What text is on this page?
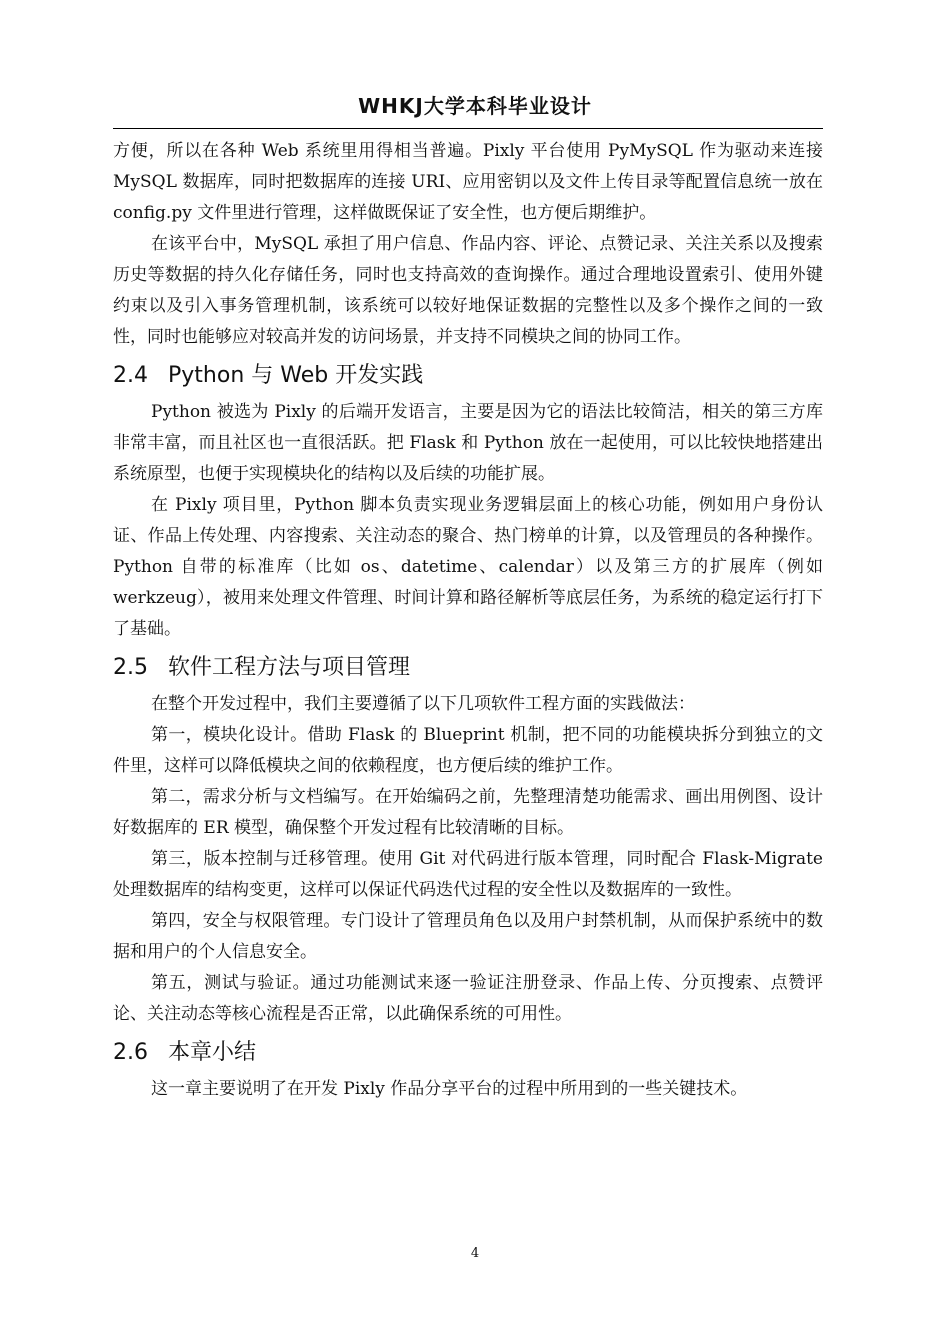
WHKJ大学本科毕业设计

方便，所以在各种 Web 系统里用得相当普遍。Pixly 平台使用 PyMySQL 作为驱动来连接 MySQL 数据库，同时把数据库的连接 URI、应用密钥以及文件上传目录等配置信息统一放在 config.py 文件里进行管理，这样做既保证了安全性，也方便后期维护。

在该平台中，MySQL 承担了用户信息、作品内容、评论、点赞记录、关注关系以及搜索历史等数据的持久化存储任务，同时也支持高效的查询操作。通过合理地设置索引、使用外键约束以及引入事务管理机制，该系统可以较好地保证数据的完整性以及多个操作之间的一致性，同时也能够应对较高并发的访问场景，并支持不同模块之间的协同工作。

2.4 Python 与 Web 开发实践

Python 被选为 Pixly 的后端开发语言，主要是因为它的语法比较简洁，相关的第三方库非常丰富，而且社区也一直很活跃。把 Flask 和 Python 放在一起使用，可以比较快地搭建出系统原型，也便于实现模块化的结构以及后续的功能扩展。

在 Pixly 项目里，Python 脚本负责实现业务逻辑层面上的核心功能，例如用户身份认证、作品上传处理、内容搜索、关注动态的聚合、热门榜单的计算，以及管理员的各种操作。Python 自带的标准库（比如 os、datetime、calendar）以及第三方的扩展库（例如 werkzeug），被用来处理文件管理、时间计算和路径解析等底层任务，为系统的稳定运行打下了基础。

2.5 软件工程方法与项目管理

在整个开发过程中，我们主要遵循了以下几项软件工程方面的实践做法：

第一，模块化设计。借助 Flask 的 Blueprint 机制，把不同的功能模块拆分到独立的文件里，这样可以降低模块之间的依赖程度，也方便后续的维护工作。

第二，需求分析与文档编写。在开始编码之前，先整理清楚功能需求、画出用例图、设计好数据库的 ER 模型，确保整个开发过程有比较清晰的目标。

第三，版本控制与迁移管理。使用 Git 对代码进行版本管理，同时配合 Flask-Migrate 处理数据库的结构变更，这样可以保证代码迭代过程的安全性以及数据库的一致性。

第四，安全与权限管理。专门设计了管理员角色以及用户封禁机制，从而保护系统中的数据和用户的个人信息安全。

第五，测试与验证。通过功能测试来逐一验证注册登录、作品上传、分页搜索、点赞评论、关注动态等核心流程是否正常，以此确保系统的可用性。

2.6 本章小结

这一章主要说明了在开发 Pixly 作品分享平台的过程中所用到的一些关键技术。

4
